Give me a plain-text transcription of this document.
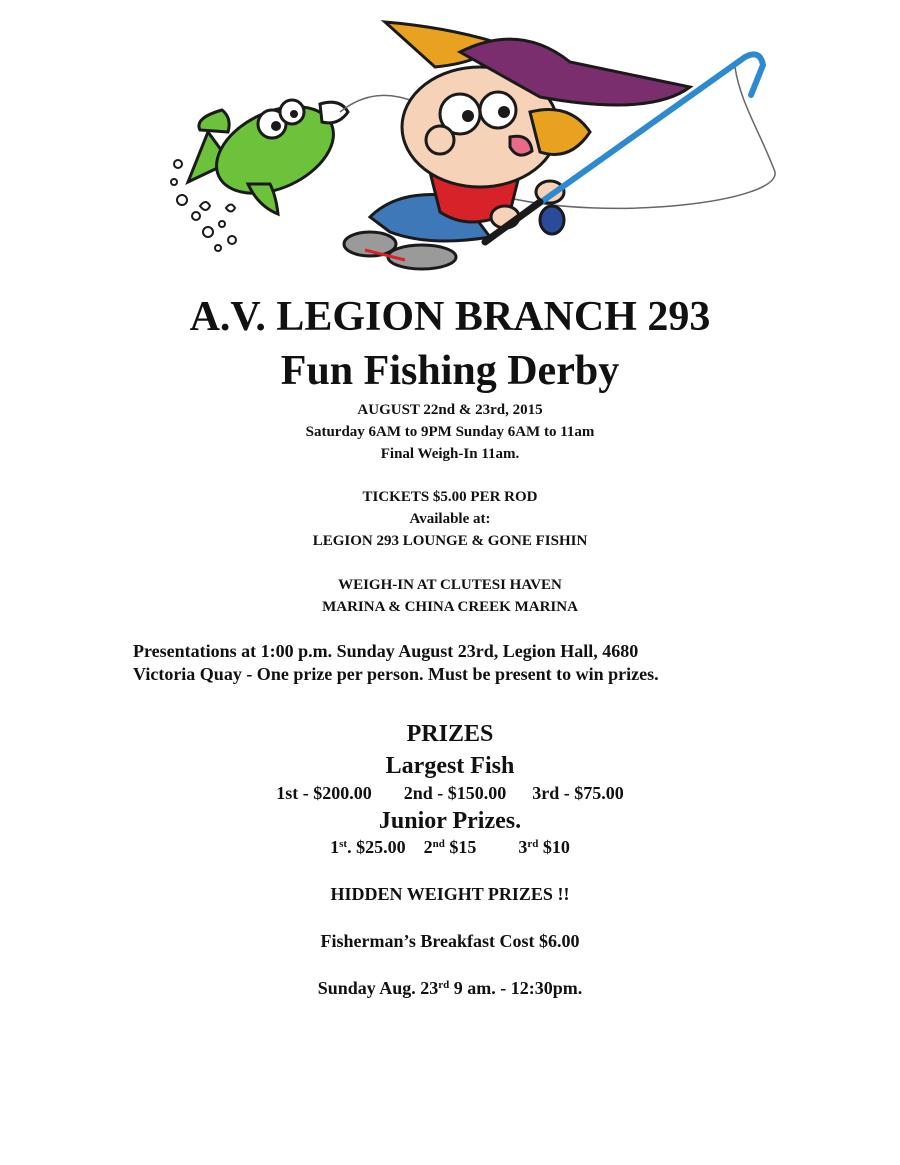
A.V. LEGION BRANCH 293
Fun Fishing Derby
AUGUST 22nd & 23rd, 2015
Saturday 6AM to 9PM Sunday 6AM to 11am
Final Weigh-In 11am.
TICKETS $5.00 PER ROD
Available at:
LEGION 293 LOUNGE & GONE FISHIN
WEIGH-IN AT CLUTESI HAVEN
MARINA & CHINA CREEK MARINA
Presentations at 1:00 p.m. Sunday August 23rd, Legion Hall, 4680
Victoria Quay - One prize per person. Must be present to win prizes.
PRIZES
Largest Fish
1st - $200.00 2nd - $150.00 3rd - $75.00
Junior Prizes.
1st. $25.00 2nd $15 3rd $10
HIDDEN WEIGHT PRIZES !!
Fisherman’s Breakfast Cost $6.00
Sunday Aug. 23rd 9 am. - 12:30pm.
